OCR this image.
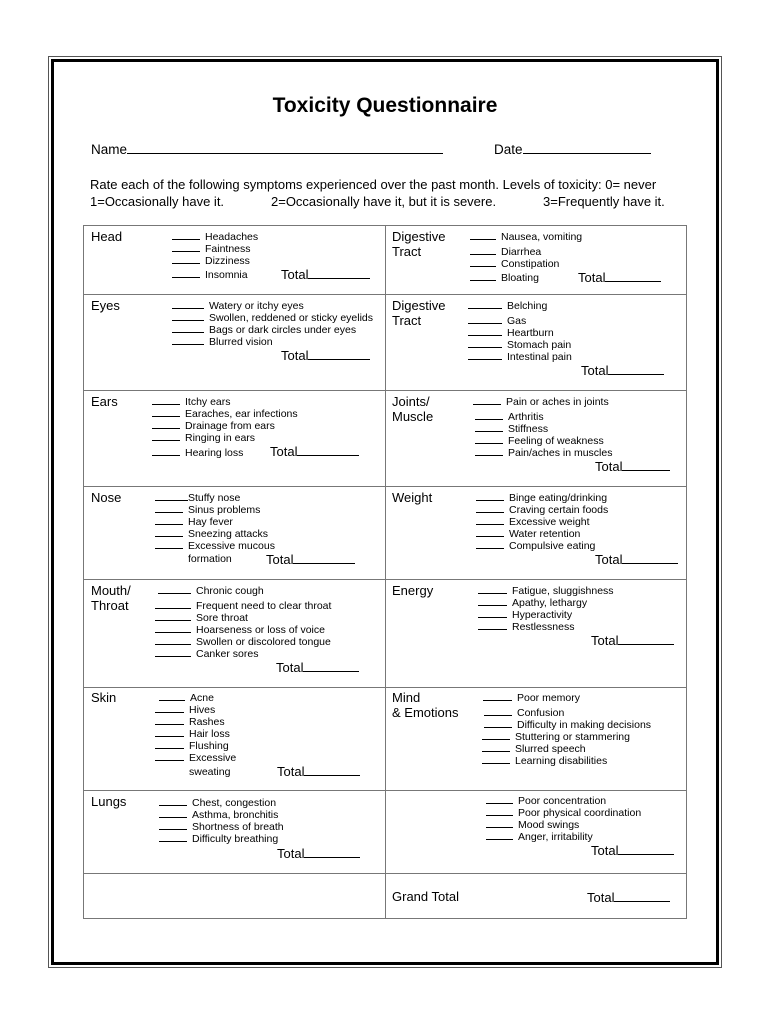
Toxicity Questionnaire
Name	Date
Rate each of the following symptoms experienced over the past month. Levels of toxicity: 0= never
1=Occasionally have it.	2=Occasionally have it, but it is severe.	3=Frequently have it.
Head	Headaches
Faintness
Dizziness
Insomnia	Total
Digestive
Tract
Nausea, vomiting
Diarrhea
Constipation
Bloating	Total
Eyes	Watery or itchy eyes
Swollen, reddened or sticky eyelids
Bags or dark circles under eyes
Blurred vision
Total
Digestive
Tract
Belching
Gas
Heartburn
Stomach pain
Intestinal pain
Total
Ears	Itchy ears
Earaches, ear infections
Drainage from ears
Ringing in ears
Hearing loss Total
Joints/
Muscle
Pain or aches in joints
Arthritis
Stiffness
Feeling of weakness
Pain/aches in muscles
Total
Nose	Stuffy nose
Sinus problems
Hay fever
Sneezing attacks
Excessive mucous
formation	Total
Weight	Binge eating/drinking
Craving certain foods
Excessive weight
Water retention
Compulsive eating
Total
Mouth/
Throat
Chronic cough
Frequent need to clear throat
Sore throat
Hoarseness or loss of voice
Swollen or discolored tongue
Canker sores
Total
Energy	Fatigue, sluggishness
Apathy, lethargy
Hyperactivity
Restlessness
Total
Skin	Acne
Hives
Rashes
Hair loss
Flushing
Excessive
sweating	Total
Mind
& Emotions
Poor memory
Confusion
Difficulty in making decisions
Stuttering or stammering
Slurred speech
Learning disabilities
Lungs	Chest, congestion
Asthma, bronchitis
Shortness of breath
Difficulty breathing
Total
Poor concentration
Poor physical coordination
Mood swings
Anger, irritability
Total
Grand Total	Total
